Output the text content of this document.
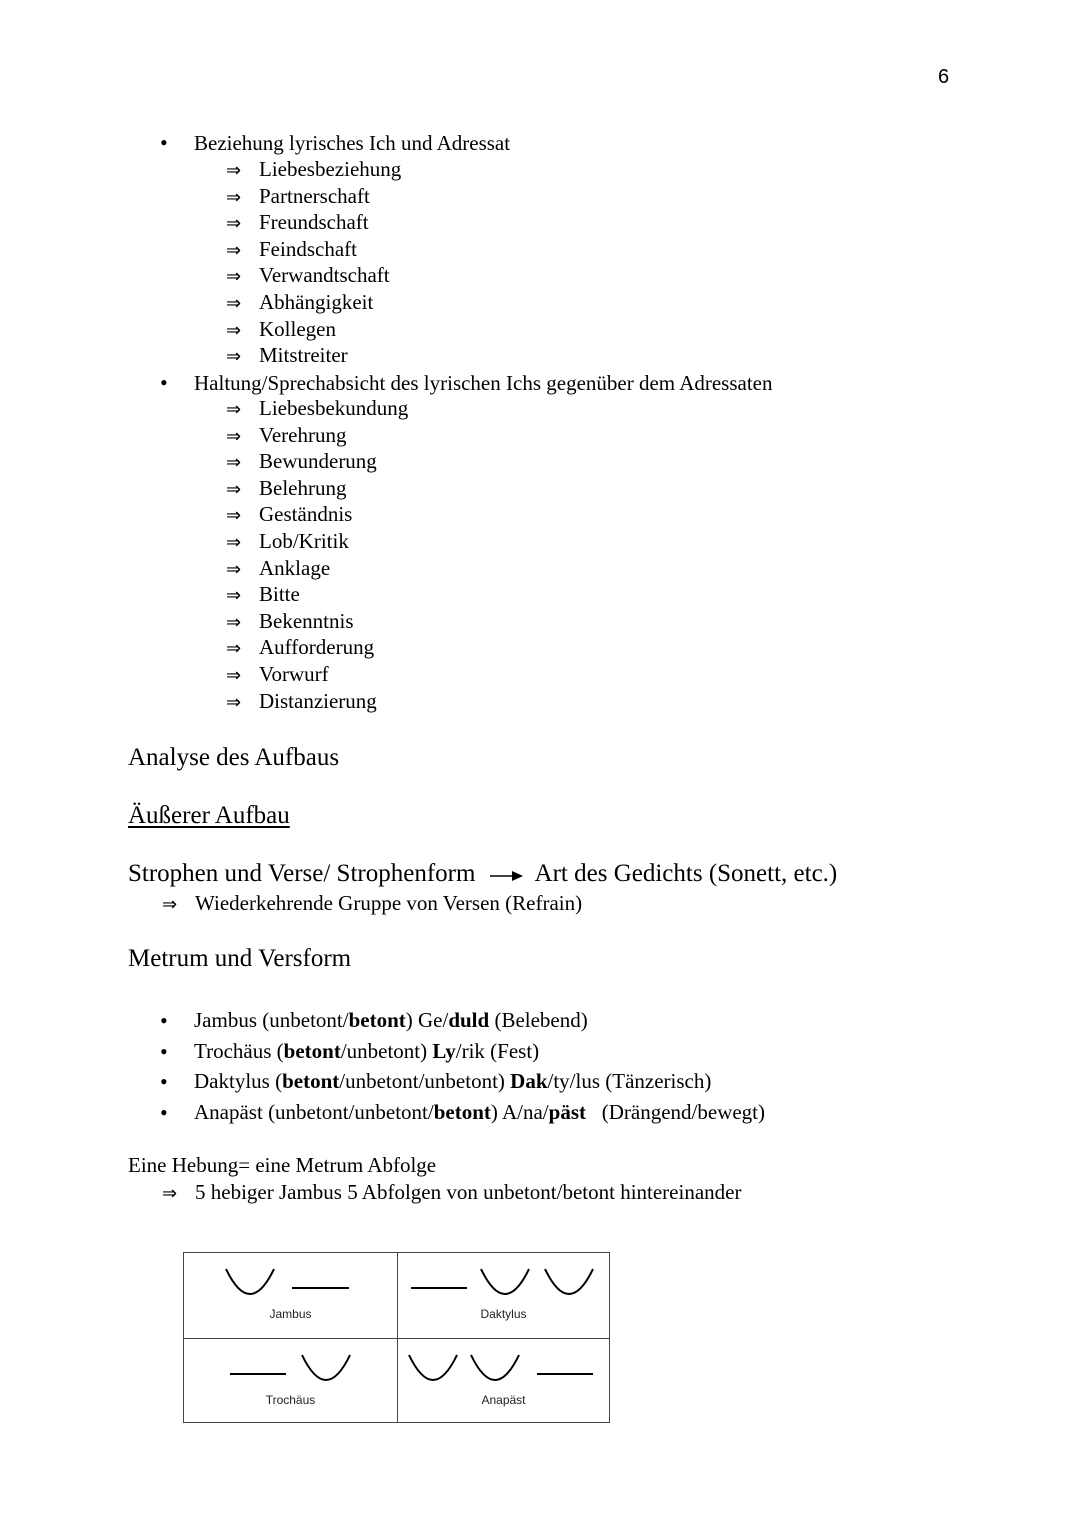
6
• Beziehung lyrisches Ich und Adressat
⇒ Liebesbeziehung
⇒ Partnerschaft
⇒ Freundschaft
⇒ Feindschaft
⇒ Verwandtschaft
⇒ Abhängigkeit
⇒ Kollegen
⇒ Mitstreiter
• Haltung/Sprechabsicht des lyrischen Ichs gegenüber dem Adressaten
⇒ Liebesbekundung
⇒ Verehrung
⇒ Bewunderung
⇒ Belehrung
⇒ Geständnis
⇒ Lob/Kritik
⇒ Anklage
⇒ Bitte
⇒ Bekenntnis
⇒ Aufforderung
⇒ Vorwurf
⇒ Distanzierung
Analyse des Aufbaus
Äußerer Aufbau
Strophen und Verse/ Strophenform Art des Gedichts (Sonett, etc.)
⇒ Wiederkehrende Gruppe von Versen (Refrain)
Metrum und Versform
• Jambus (unbetont/betont) Ge/duld (Belebend)
• Trochäus (betont/unbetont) Ly/rik (Fest)
• Daktylus (betont/unbetont/unbetont) Dak/ty/lus (Tänzerisch)
• Anapäst (unbetont/unbetont/betont) A/na/päst   (Drängend/bewegt)
Eine Hebung= eine Metrum Abfolge
⇒ 5 hebiger Jambus 5 Abfolgen von unbetont/betont hintereinander
Jambus	Daktylus
Trochäus	Anapäst
